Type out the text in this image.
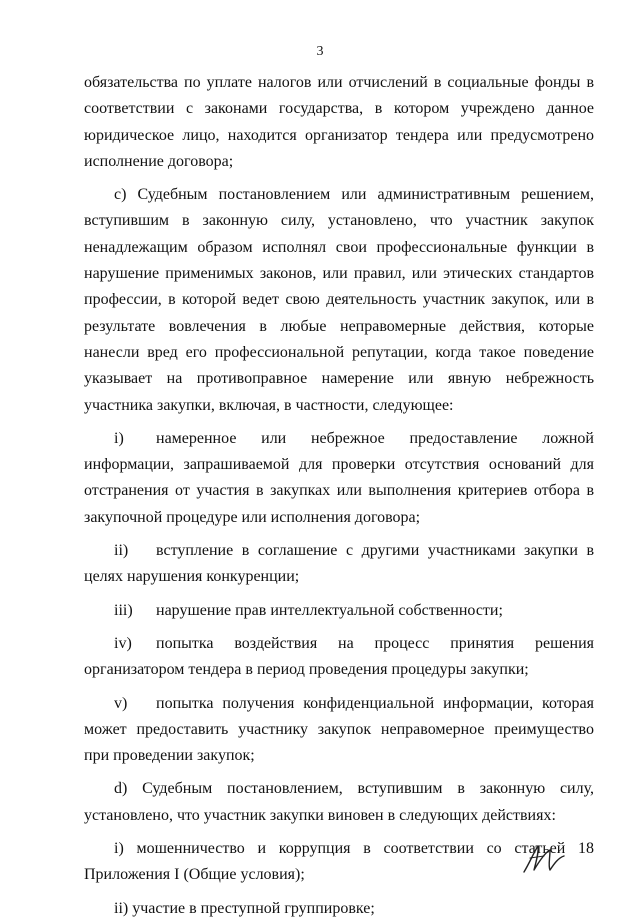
3

обязательства по уплате налогов или отчислений в социальные фонды в соответствии с законами государства, в котором учреждено данное юридическое лицо, находится организатор тендера или предусмотрено исполнение договора;

с) Судебным постановлением или административным решением, вступившим в законную силу, установлено, что участник закупок ненадлежащим образом исполнял свои профессиональные функции в нарушение применимых законов, или правил, или этических стандартов профессии, в которой ведет свою деятельность участник закупок, или в результате вовлечения в любые неправомерные действия, которые нанесли вред его профессиональной репутации, когда такое поведение указывает на противоправное намерение или явную небрежность участника закупки, включая, в частности, следующее:

i) намеренное или небрежное предоставление ложной информации, запрашиваемой для проверки отсутствия оснований для отстранения от участия в закупках или выполнения критериев отбора в закупочной процедуре или исполнения договора;

ii) вступление в соглашение с другими участниками закупки в целях нарушения конкуренции;

iii) нарушение прав интеллектуальной собственности;

iv) попытка воздействия на процесс принятия решения организатором тендера в период проведения процедуры закупки;

v) попытка получения конфиденциальной информации, которая может предоставить участнику закупок неправомерное преимущество при проведении закупок;

d) Судебным постановлением, вступившим в законную силу, установлено, что участник закупки виновен в следующих действиях:

i) мошенничество и коррупция в соответствии со статьей 18 Приложения I (Общие условия);

ii) участие в преступной группировке;
